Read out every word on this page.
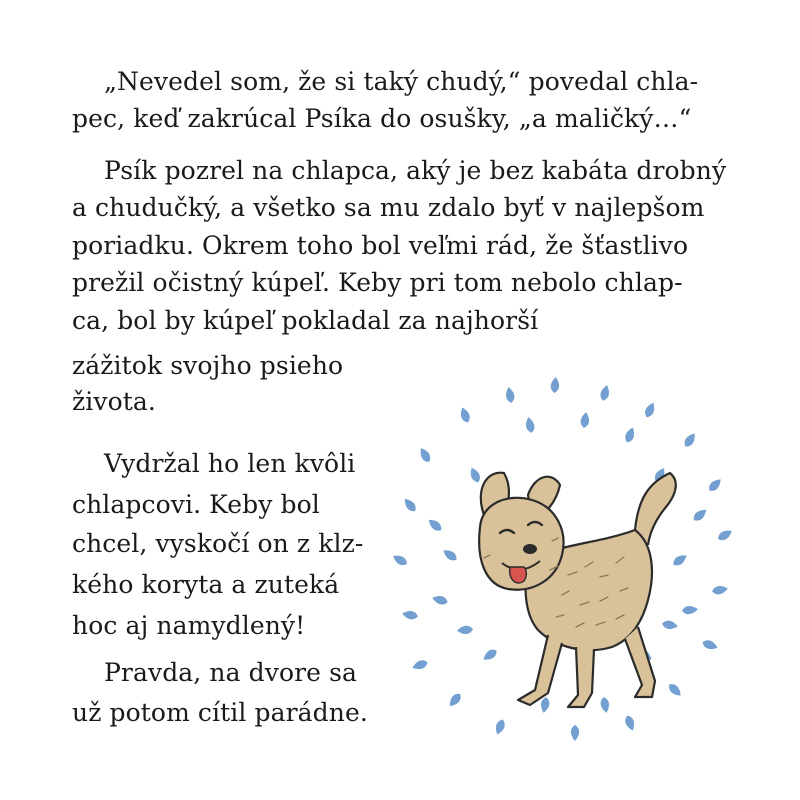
„Nevedel som, že si taký chudý,“ povedal chla-

pec, keď zakrúcal Psíka do osušky, „a maličký…“

Psík pozrel na chlapca, aký je bez kabáta drobný

a chudučký, a všetko sa mu zdalo byť v najlepšom

poriadku. Okrem toho bol veľmi rád, že šťastlivo

prežil očistný kúpeľ. Keby pri tom nebolo chlap-

ca, bol by kúpeľ pokladal za najhorší

zážitok svojho psieho

života.

Vydržal ho len kvôli

chlapcovi. Keby bol

chcel, vyskočí on z klz-

kého koryta a zuteká

hoc aj namydlený!

Pravda, na dvore sa

už potom cítil parádne.
